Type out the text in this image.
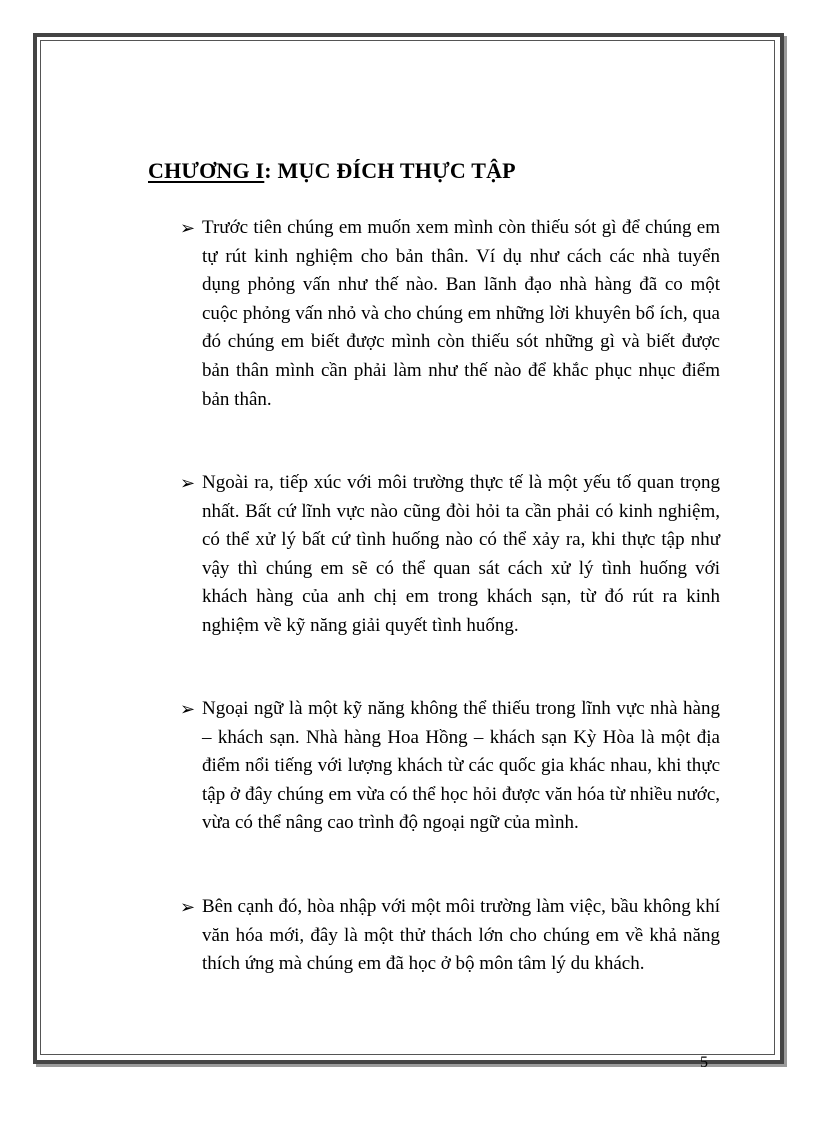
CHƯƠNG I: MỤC ĐÍCH THỰC TẬP
➢ Trước tiên chúng em muốn xem mình còn thiếu sót gì để chúng em tự rút kinh nghiệm cho bản thân. Ví dụ như cách các nhà tuyển dụng phỏng vấn như thế nào. Ban lãnh đạo nhà hàng đã co một cuộc phỏng vấn nhỏ và cho chúng em những lời khuyên bổ ích, qua đó chúng em biết được mình còn thiếu sót những gì và biết được bản thân mình cần phải làm như thế nào để khắc phục nhục điểm bản thân.

➢ Ngoài ra, tiếp xúc với môi trường thực tế là một yếu tố quan trọng nhất. Bất cứ lĩnh vực nào cũng đòi hỏi ta cần phải có kinh nghiệm, có thể xử lý bất cứ tình huống nào có thể xảy ra, khi thực tập như vậy thì chúng em sẽ có thể quan sát cách xử lý tình huống với khách hàng của anh chị em trong khách sạn, từ đó rút ra kinh nghiệm về kỹ năng giải quyết tình huống.

➢ Ngoại ngữ là một kỹ năng không thể thiếu trong lĩnh vực nhà hàng – khách sạn. Nhà hàng Hoa Hồng – khách sạn Kỳ Hòa là một địa điểm nổi tiếng với lượng khách từ các quốc gia khác nhau, khi thực tập ở đây chúng em vừa có thể học hỏi được văn hóa từ nhiều nước, vừa có thể nâng cao trình độ ngoại ngữ của mình.

➢ Bên cạnh đó, hòa nhập với một môi trường làm việc, bầu không khí văn hóa mới, đây là một thử thách lớn cho chúng em về khả năng thích ứng mà chúng em đã học ở bộ môn tâm lý du khách.

5
